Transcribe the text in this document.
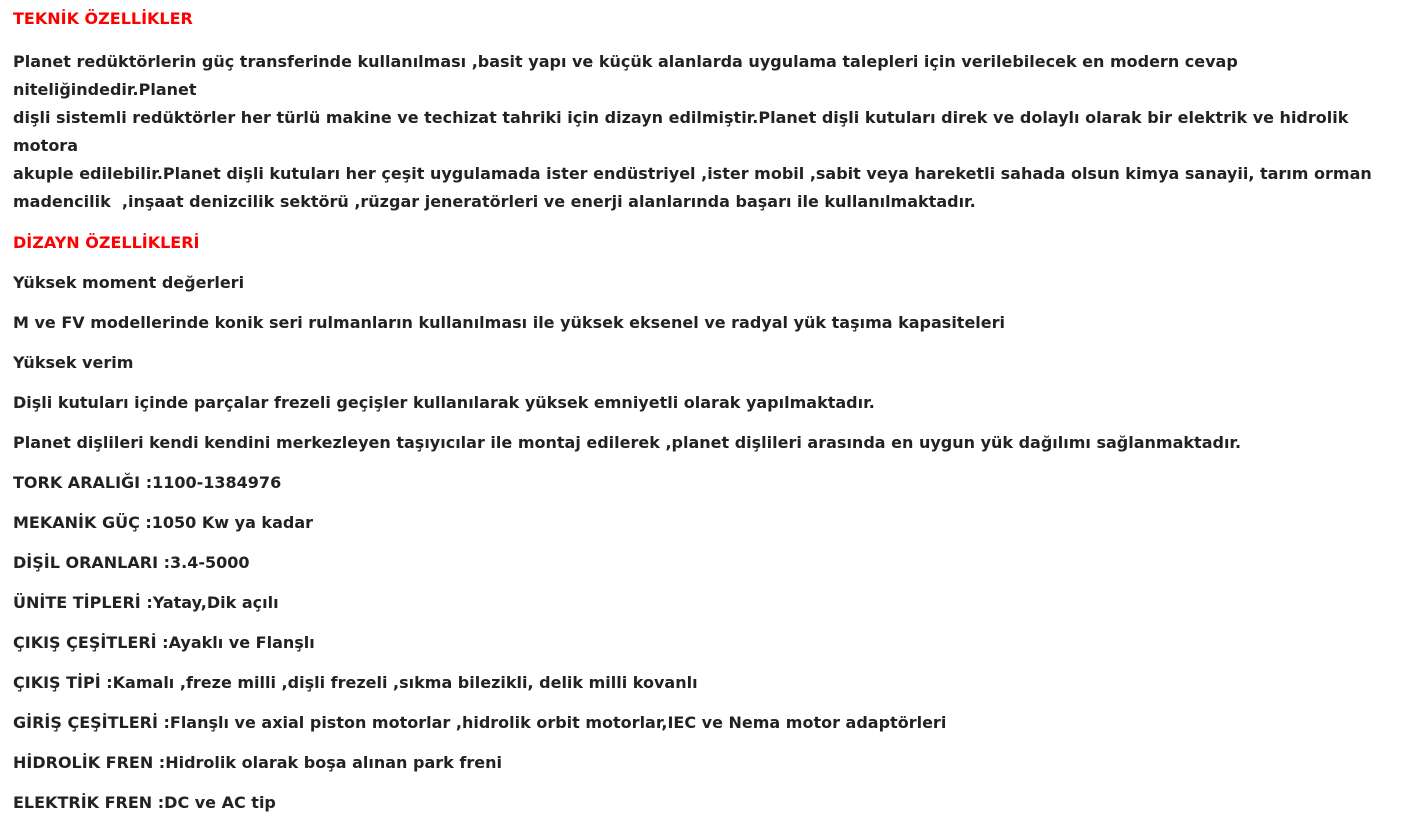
TEKNİK ÖZELLİKLER

Planet redüktörlerin güç transferinde kullanılması ,basit yapı ve küçük alanlarda uygulama talepleri için verilebilecek en modern cevap niteliğindedir.Planet

dişli sistemli redüktörler her türlü makine ve techizat tahriki için dizayn edilmiştir.Planet dişli kutuları direk ve dolaylı olarak bir elektrik ve hidrolik motora

akuple edilebilir.Planet dişli kutuları her çeşit uygulamada ister endüstriyel ,ister mobil ,sabit veya hareketli sahada olsun kimya sanayii, tarım orman

madencilik  ,inşaat denizcilik sektörü ,rüzgar jeneratörleri ve enerji alanlarında başarı ile kullanılmaktadır.

DİZAYN ÖZELLİKLERİ

Yüksek moment değerleri

M ve FV modellerinde konik seri rulmanların kullanılması ile yüksek eksenel ve radyal yük taşıma kapasiteleri

Yüksek verim

Dişli kutuları içinde parçalar frezeli geçişler kullanılarak yüksek emniyetli olarak yapılmaktadır.

Planet dişlileri kendi kendini merkezleyen taşıyıcılar ile montaj edilerek ,planet dişlileri arasında en uygun yük dağılımı sağlanmaktadır.

TORK ARALIĞI :1100-1384976

MEKANİK GÜÇ :1050 Kw ya kadar

DİŞİL ORANLARI :3.4-5000

ÜNİTE TİPLERİ :Yatay,Dik açılı

ÇIKIŞ ÇEŞİTLERİ :Ayaklı ve Flanşlı

ÇIKIŞ TİPİ :Kamalı ,freze milli ,dişli frezeli ,sıkma bilezikli, delik milli kovanlı

GİRİŞ ÇEŞİTLERİ :Flanşlı ve axial piston motorlar ,hidrolik orbit motorlar,IEC ve Nema motor adaptörleri

HİDROLİK FREN :Hidrolik olarak boşa alınan park freni

ELEKTRİK FREN :DC ve AC tip
